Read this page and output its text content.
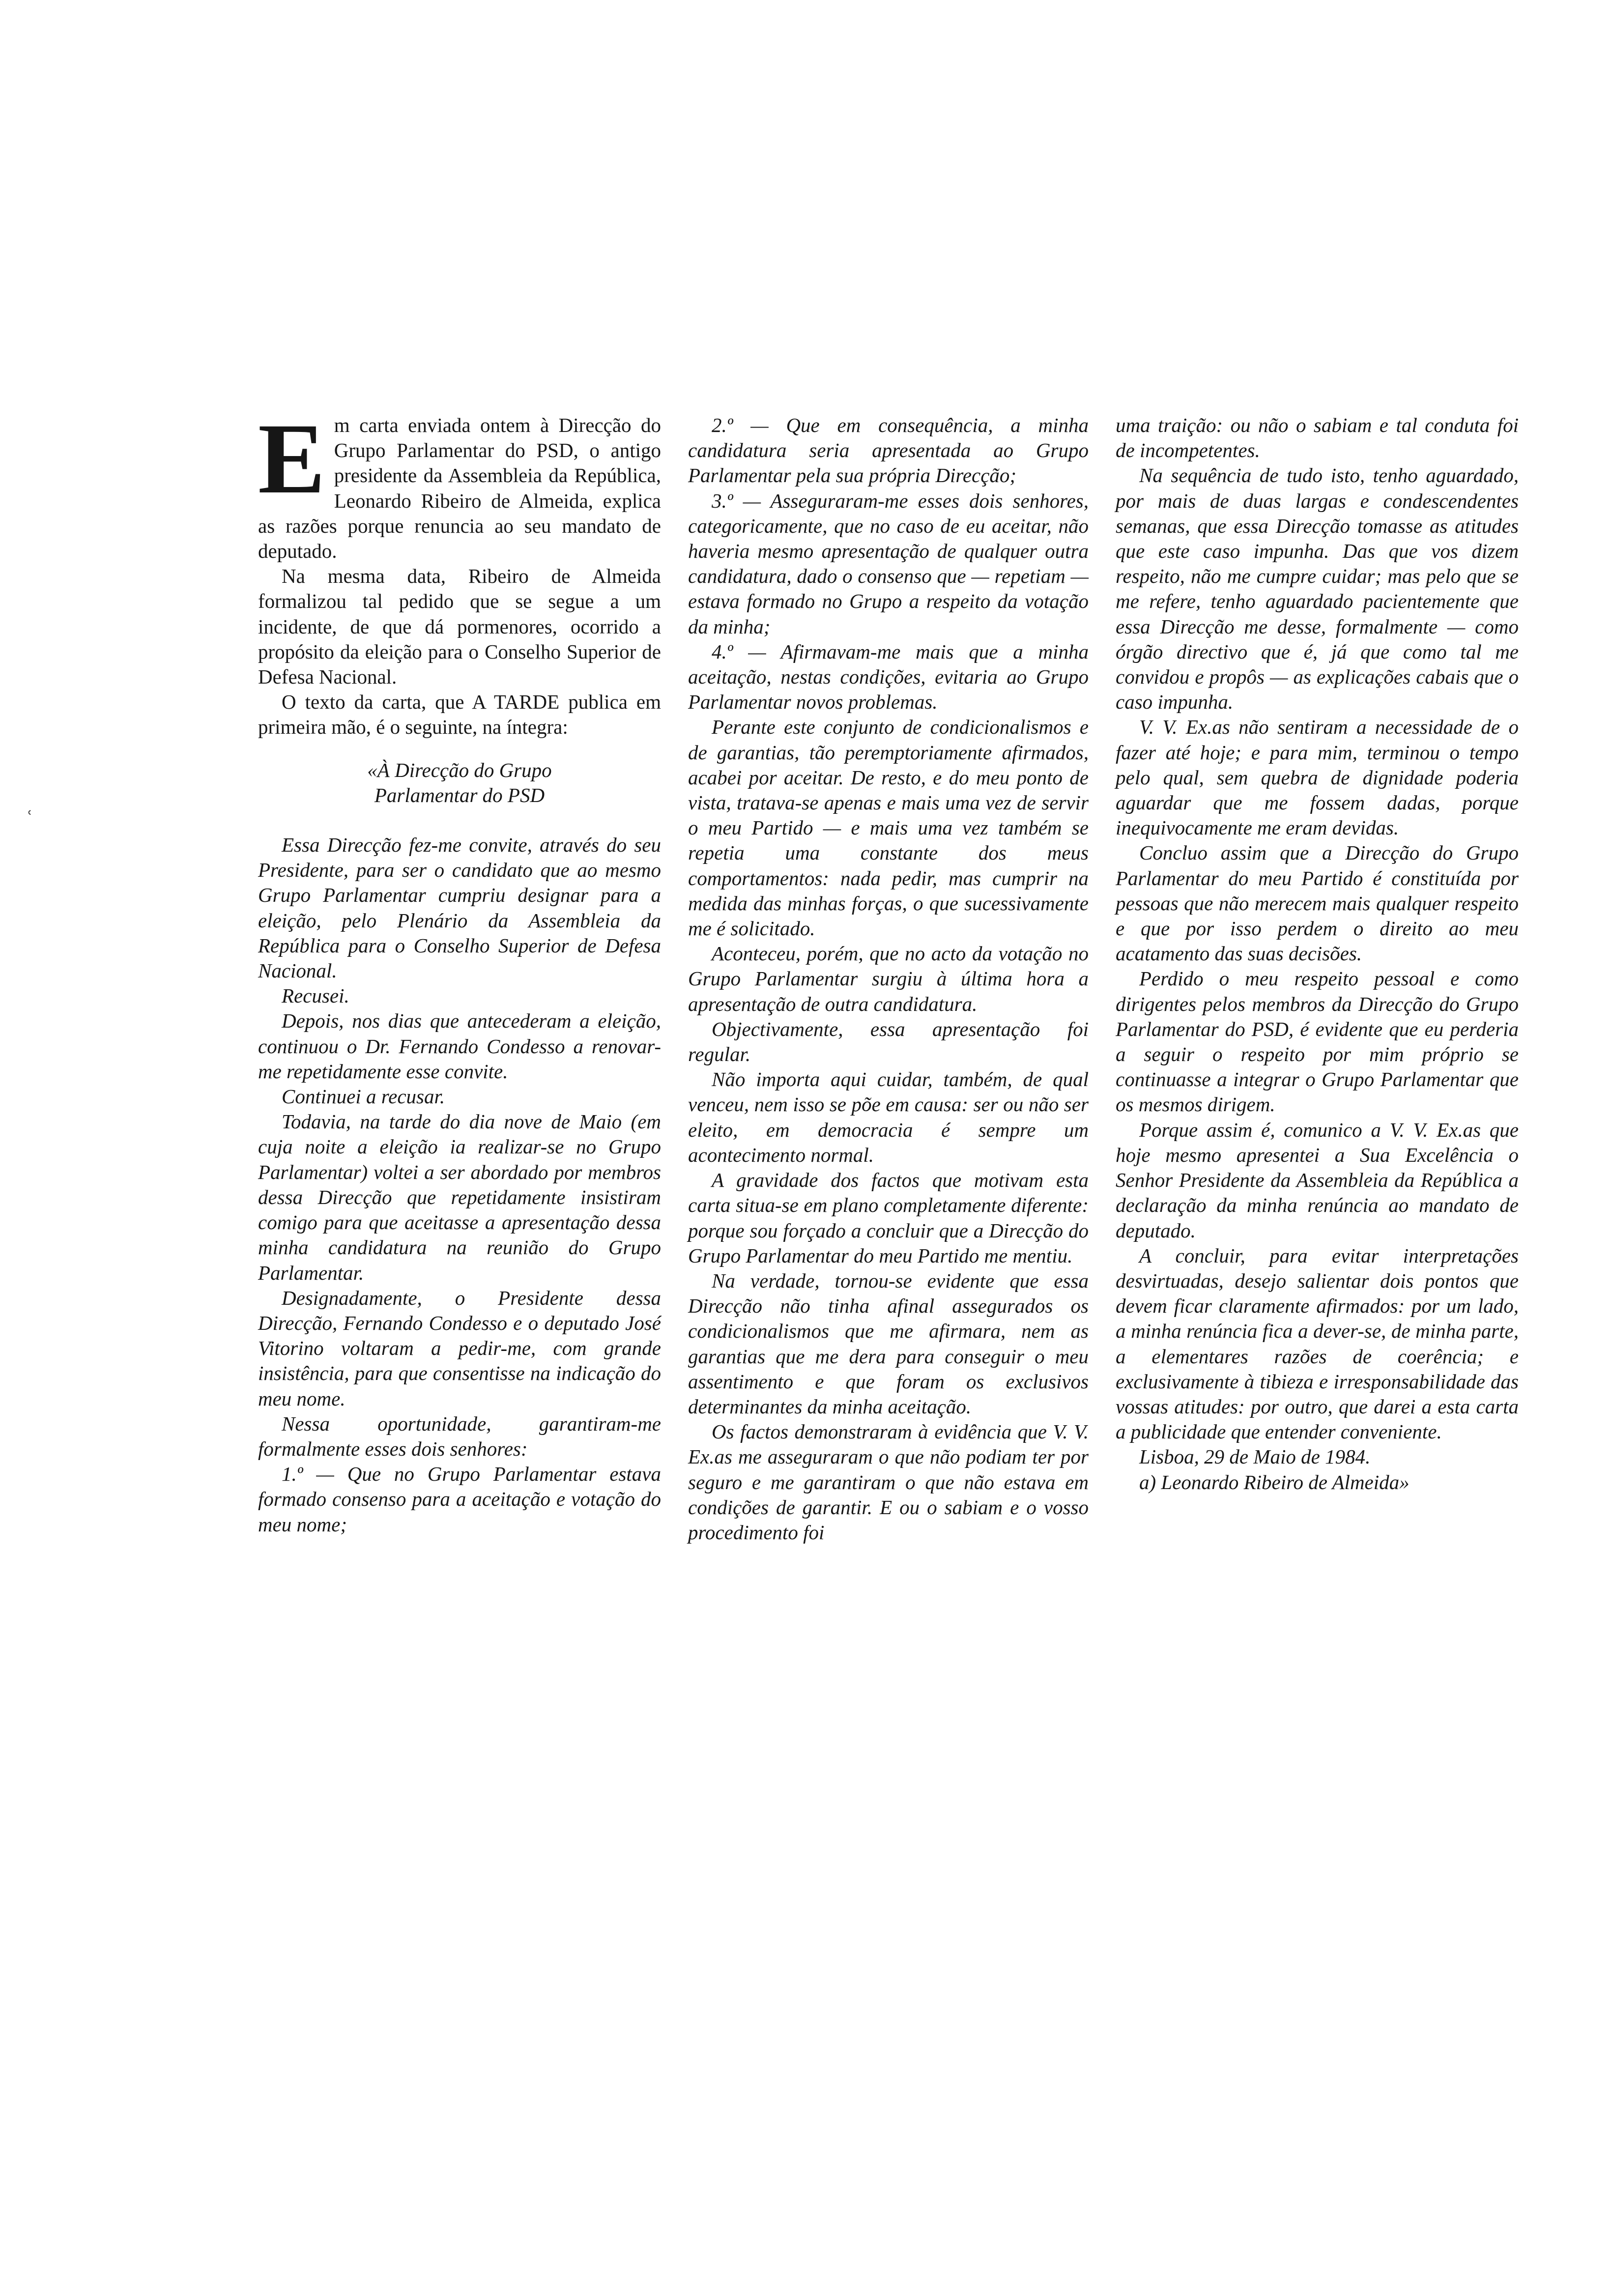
E m carta enviada ontem à Direcção do Grupo Parlamentar do PSD, o antigo presidente da Assembleia da República, Leonardo Ribeiro de Almeida, explica as razões porque renuncia ao seu mandato de deputado.

Na mesma data, Ribeiro de Almeida formalizou tal pedido que se segue a um incidente, de que dá pormenores, ocorrido a propósito da eleição para o Conselho Superior de Defesa Nacional.

O texto da carta, que A TARDE publica em primeira mão, é o seguinte, na íntegra:

«À Direcção do Grupo
Parlamentar do PSD

Essa Direcção fez-me convite, através do seu Presidente, para ser o candidato que ao mesmo Grupo Parlamentar cumpriu designar para a eleição, pelo Plenário da Assembleia da República para o Conselho Superior de Defesa Nacional.

Recusei.

Depois, nos dias que antecederam a eleição, continuou o Dr. Fernando Condesso a renovar-me repetidamente esse convite.

Continuei a recusar.

Todavia, na tarde do dia nove de Maio (em cuja noite a eleição ia realizar-se no Grupo Parlamentar) voltei a ser abordado por membros dessa Direcção que repetidamente insistiram comigo para que aceitasse a apresentação dessa minha candidatura na reunião do Grupo Parlamentar.

Designadamente, o Presidente dessa Direcção, Fernando Condesso e o deputado José Vitorino voltaram a pedir-me, com grande insistência, para que consentisse na indicação do meu nome.

Nessa oportunidade, garantiram-me formalmente esses dois senhores:

1.º — Que no Grupo Parlamentar estava formado consenso para a aceitação e votação do meu nome;

2.º — Que em consequência, a minha candidatura seria apresentada ao Grupo Parlamentar pela sua própria Direcção;

3.º — Asseguraram-me esses dois senhores, categoricamente, que no caso de eu aceitar, não haveria mesmo apresentação de qualquer outra candidatura, dado o consenso que — repetiam — estava formado no Grupo a respeito da votação da minha;

4.º — Afirmavam-me mais que a minha aceitação, nestas condições, evitaria ao Grupo Parlamentar novos problemas.

Perante este conjunto de condicionalismos e de garantias, tão peremptoriamente afirmados, acabei por aceitar. De resto, e do meu ponto de vista, tratava-se apenas e mais uma vez de servir o meu Partido — e mais uma vez também se repetia uma constante dos meus comportamentos: nada pedir, mas cumprir na medida das minhas forças, o que sucessivamente me é solicitado.

Aconteceu, porém, que no acto da votação no Grupo Parlamentar surgiu à última hora a apresentação de outra candidatura.

Objectivamente, essa apresentação foi regular.

Não importa aqui cuidar, também, de qual venceu, nem isso se põe em causa: ser ou não ser eleito, em democracia é sempre um acontecimento normal.

A gravidade dos factos que motivam esta carta situa-se em plano completamente diferente: porque sou forçado a concluir que a Direcção do Grupo Parlamentar do meu Partido me mentiu.

Na verdade, tornou-se evidente que essa Direcção não tinha afinal assegurados os condicionalismos que me afirmara, nem as garantias que me dera para conseguir o meu assentimento e que foram os exclusivos determinantes da minha aceitação.

Os factos demonstraram à evidência que V. V. Ex.as me asseguraram o que não podiam ter por seguro e me garantiram o que não estava em condições de garantir. E ou o sabiam e o vosso procedimento foi

uma traição: ou não o sabiam e tal conduta foi de incompetentes.

Na sequência de tudo isto, tenho aguardado, por mais de duas largas e condescendentes semanas, que essa Direcção tomasse as atitudes que este caso impunha. Das que vos dizem respeito, não me cumpre cuidar; mas pelo que se me refere, tenho aguardado pacientemente que essa Direcção me desse, formalmente — como órgão directivo que é, já que como tal me convidou e propôs — as explicações cabais que o caso impunha.

V. V. Ex.as não sentiram a necessidade de o fazer até hoje; e para mim, terminou o tempo pelo qual, sem quebra de dignidade poderia aguardar que me fossem dadas, porque inequivocamente me eram devidas.

Concluo assim que a Direcção do Grupo Parlamentar do meu Partido é constituída por pessoas que não merecem mais qualquer respeito e que por isso perdem o direito ao meu acatamento das suas decisões.

Perdido o meu respeito pessoal e como dirigentes pelos membros da Direcção do Grupo Parlamentar do PSD, é evidente que eu perderia a seguir o respeito por mim próprio se continuasse a integrar o Grupo Parlamentar que os mesmos dirigem.

Porque assim é, comunico a V. V. Ex.as que hoje mesmo apresentei a Sua Excelência o Senhor Presidente da Assembleia da República a declaração da minha renúncia ao mandato de deputado.

A concluir, para evitar interpretações desvirtuadas, desejo salientar dois pontos que devem ficar claramente afirmados: por um lado, a minha renúncia fica a dever-se, de minha parte, a elementares razões de coerência; e exclusivamente à tibieza e irresponsabilidade das vossas atitudes: por outro, que darei a esta carta a publicidade que entender conveniente.

Lisboa, 29 de Maio de 1984.

a) Leonardo Ribeiro de Almeida»

ʿ
